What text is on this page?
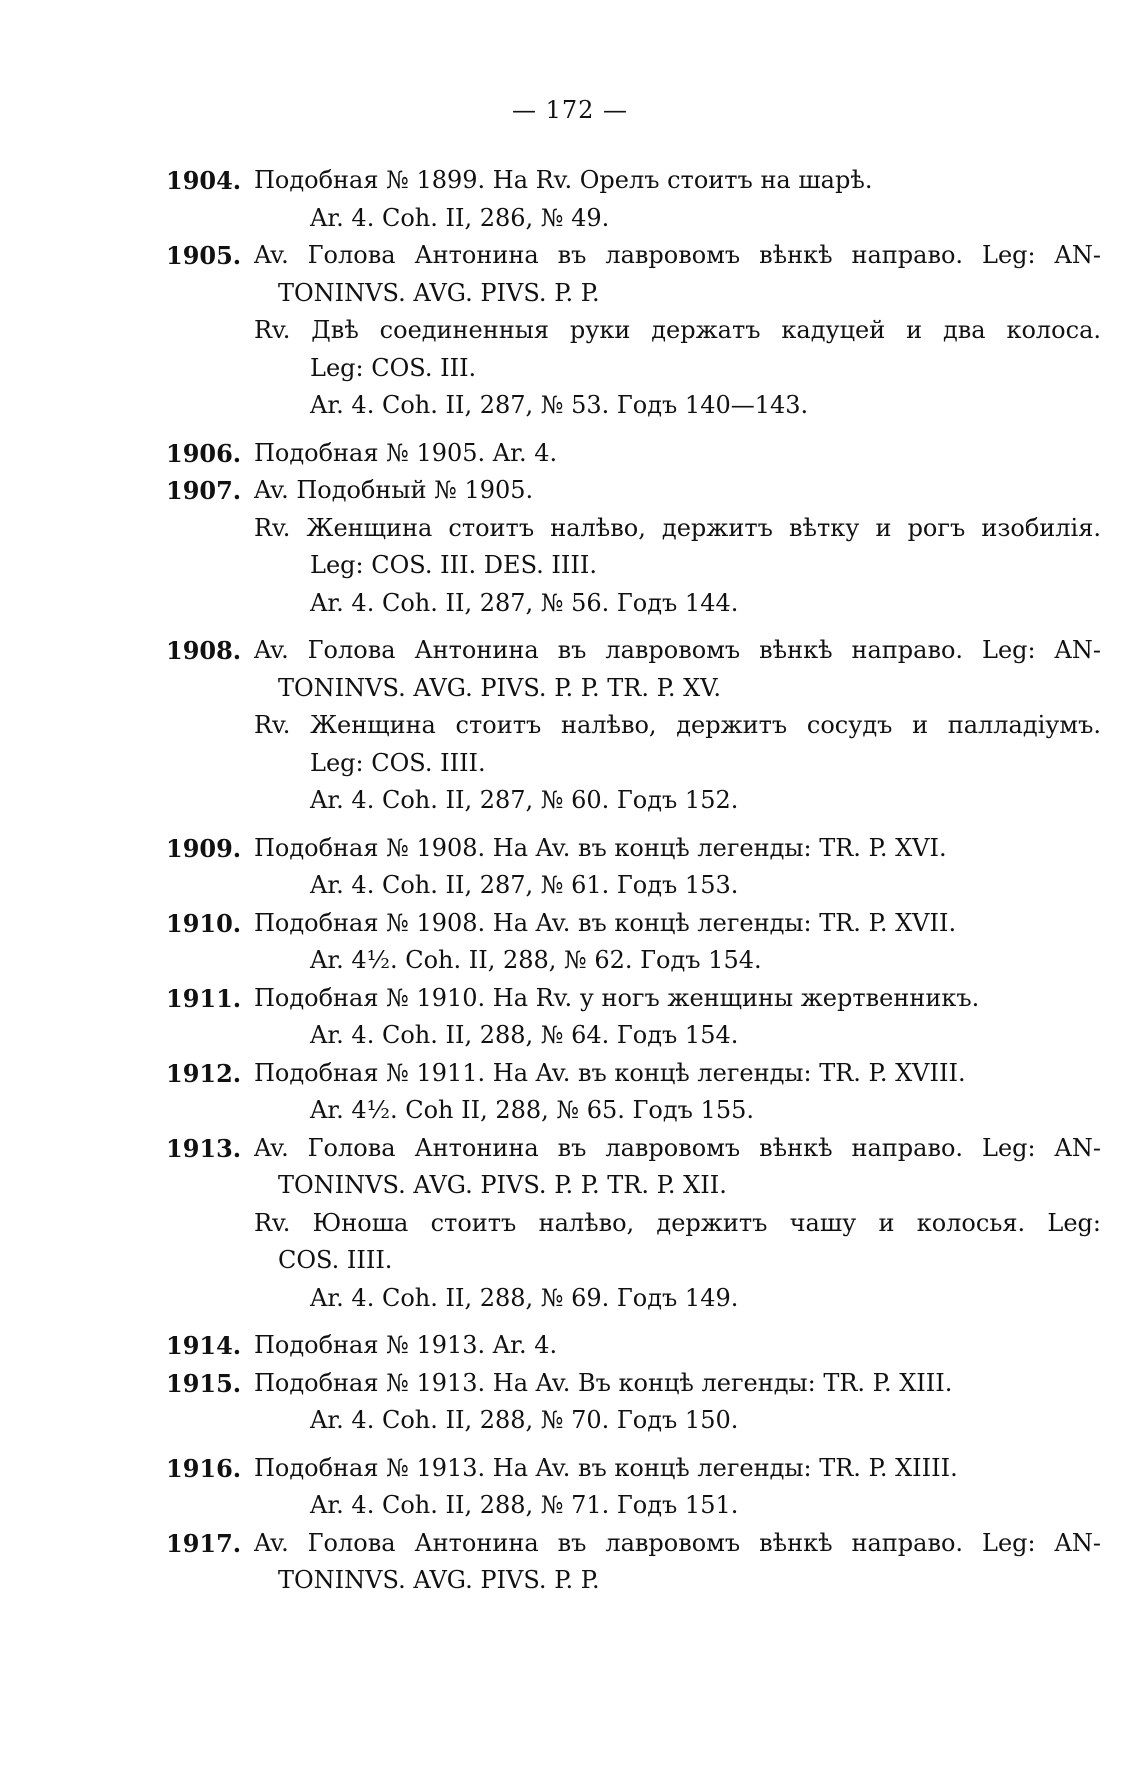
— 172 —
1904. Подобная № 1899. На Rv. Орелъ стоитъ на шарѣ.
Ar. 4. Coh. II, 286, № 49.
1905. Av. Голова Антонина въ лавровомъ вѣнкѣ направо. Leg: AN-
TONINVS. AVG. PIVS. P. P.
Rv. Двѣ соединенныя руки держатъ кадуцей и два колоса.
Leg: COS. III.
Ar. 4. Coh. II, 287, № 53. Годъ 140—143.
1906. Подобная № 1905. Ar. 4.
1907. Av. Подобный № 1905.
Rv. Женщина стоитъ налѣво, держитъ вѣтку и рогъ изобилія.
Leg: COS. III. DES. IIII.
Ar. 4. Coh. II, 287, № 56. Годъ 144.
1908. Av. Голова Антонина въ лавровомъ вѣнкѣ направо. Leg: AN-
TONINVS. AVG. PIVS. P. P. TR. P. XV.
Rv. Женщина стоитъ налѣво, держитъ сосудъ и палладіумъ.
Leg: COS. IIII.
Ar. 4. Coh. II, 287, № 60. Годъ 152.
1909. Подобная № 1908. На Av. въ концѣ легенды: TR. P. XVI.
Ar. 4. Coh. II, 287, № 61. Годъ 153.
1910. Подобная № 1908. На Av. въ концѣ легенды: TR. P. XVII.
Ar. 4½. Coh. II, 288, № 62. Годъ 154.
1911. Подобная № 1910. На Rv. у ногъ женщины жертвенникъ.
Ar. 4. Coh. II, 288, № 64. Годъ 154.
1912. Подобная № 1911. На Av. въ концѣ легенды: TR. P. XVIII.
Ar. 4½. Coh II, 288, № 65. Годъ 155.
1913. Av. Голова Антонина въ лавровомъ вѣнкѣ направо. Leg: AN-
TONINVS. AVG. PIVS. P. P. TR. P. XII.
Rv. Юноша стоитъ налѣво, держитъ чашу и колосья. Leg:
COS. IIII.
Ar. 4. Coh. II, 288, № 69. Годъ 149.
1914. Подобная № 1913. Ar. 4.
1915. Подобная № 1913. На Av. Въ концѣ легенды: TR. P. XIII.
Ar. 4. Coh. II, 288, № 70. Годъ 150.
1916. Подобная № 1913. На Av. въ концѣ легенды: TR. P. XIIII.
Ar. 4. Coh. II, 288, № 71. Годъ 151.
1917. Av. Голова Антонина въ лавровомъ вѣнкѣ направо. Leg: AN-
TONINVS. AVG. PIVS. P. P.
